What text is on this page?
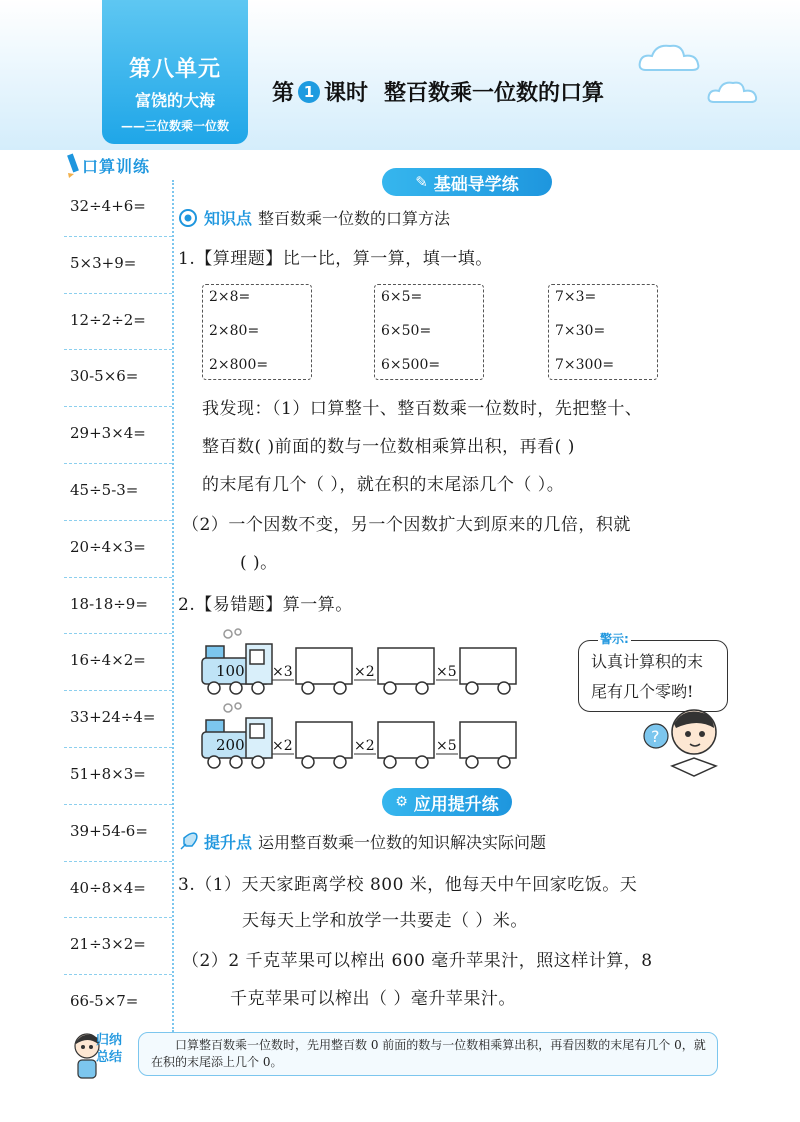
第八单元
富饶的大海
——三位数乘一位数
第 1 课时 整百数乘一位数的口算
口算训练
32÷4+6=
5×3+9=
12÷2÷2=
30-5×6=
29+3×4=
45÷5-3=
20÷4×3=
18-18÷9=
16÷4×2=
33+24÷4=
51+8×3=
39+54-6=
40÷8×4=
21÷3×2=
66-5×7=
✎ 基础导学练
知识点 整百数乘一位数的口算方法
1.【算理题】比一比，算一算，填一填。
2×8=
2×80=
2×800=
6×5=
6×50=
6×500=
7×3=
7×30=
7×300=
我发现：（1）口算整十、整百数乘一位数时，先把整十、
整百数( )前面的数与一位数相乘算出积，再看( )
的末尾有几个（ ），就在积的末尾添几个（ ）。
（2）一个因数不变，另一个因数扩大到原来的几倍，积就
( )。
2.【易错题】算一算。
100 ×3	×2	×5
200 ×2	×2	×5
认真计算积的末
尾有几个零哟!
警示:
?
⚙ 应用提升练
提升点 运用整百数乘一位数的知识解决实际问题
3.（1）天天家距离学校 800 米，他每天中午回家吃饭。天
天每天上学和放学一共要走（ ）米。
（2）2 千克苹果可以榨出 600 毫升苹果汁，照这样计算，8
千克苹果可以榨出（ ）毫升苹果汁。
归纳
总结
口算整百数乘一位数时，先用整百数 0 前面的数与一位数相乘算出积，再看因数的末尾有几个 0，就在积的末尾添上几个 0。
